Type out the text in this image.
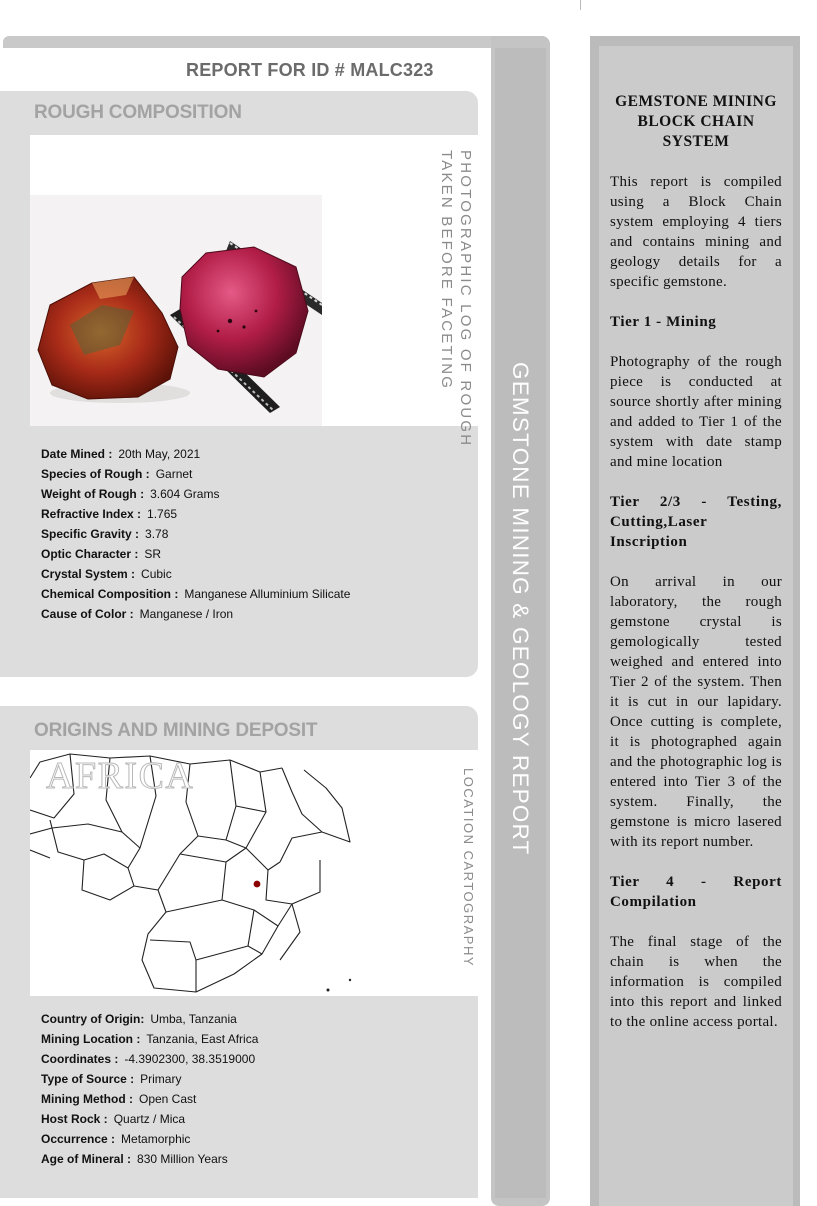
REPORT FOR ID # MALC323
ROUGH COMPOSITION
PHOTOGRAPHIC LOG OF ROUGH
TAKEN BEFORE FACETING
Date Mined : 20th May, 2021
Species of Rough : Garnet
Weight of Rough : 3.604 Grams
Refractive Index : 1.765
Specific Gravity : 3.78
Optic Character : SR
Crystal System : Cubic
Chemical Composition : Manganese Alluminium Silicate
Cause of Color : Manganese / Iron
ORIGINS AND MINING DEPOSIT
AFRICA	LOCATION CARTOGRAPHY
Country of Origin: Umba, Tanzania
Mining Location : Tanzania, East Africa
Coordinates : -4.3902300, 38.3519000
Type of Source : Primary
Mining Method : Open Cast
Host Rock : Quartz / Mica
Occurrence : Metamorphic
Age of Mineral : 830 Million Years
GEMSTONE MINING & GEOLOGY REPORT
GEMSTONE MINING BLOCK CHAIN SYSTEM

This report is compiled using a Block Chain system employing 4 tiers and contains mining and geology details for a specific gemstone.

Tier 1 - Mining

Photography of the rough piece is conducted at source shortly after mining and added to Tier 1 of the system with date stamp and mine location

Tier 2/3 - Testing, Cutting,Laser Inscription

On arrival in our laboratory, the rough gemstone crystal is gemologically tested weighed and entered into Tier 2 of the system. Then it is cut in our lapidary. Once cutting is complete, it is photographed again and the photographic log is entered into Tier 3 of the system. Finally, the gemstone is micro lasered with its report number.

Tier 4 - Report Compilation

The final stage of the chain is when the information is compiled into this report and linked to the online access portal.
